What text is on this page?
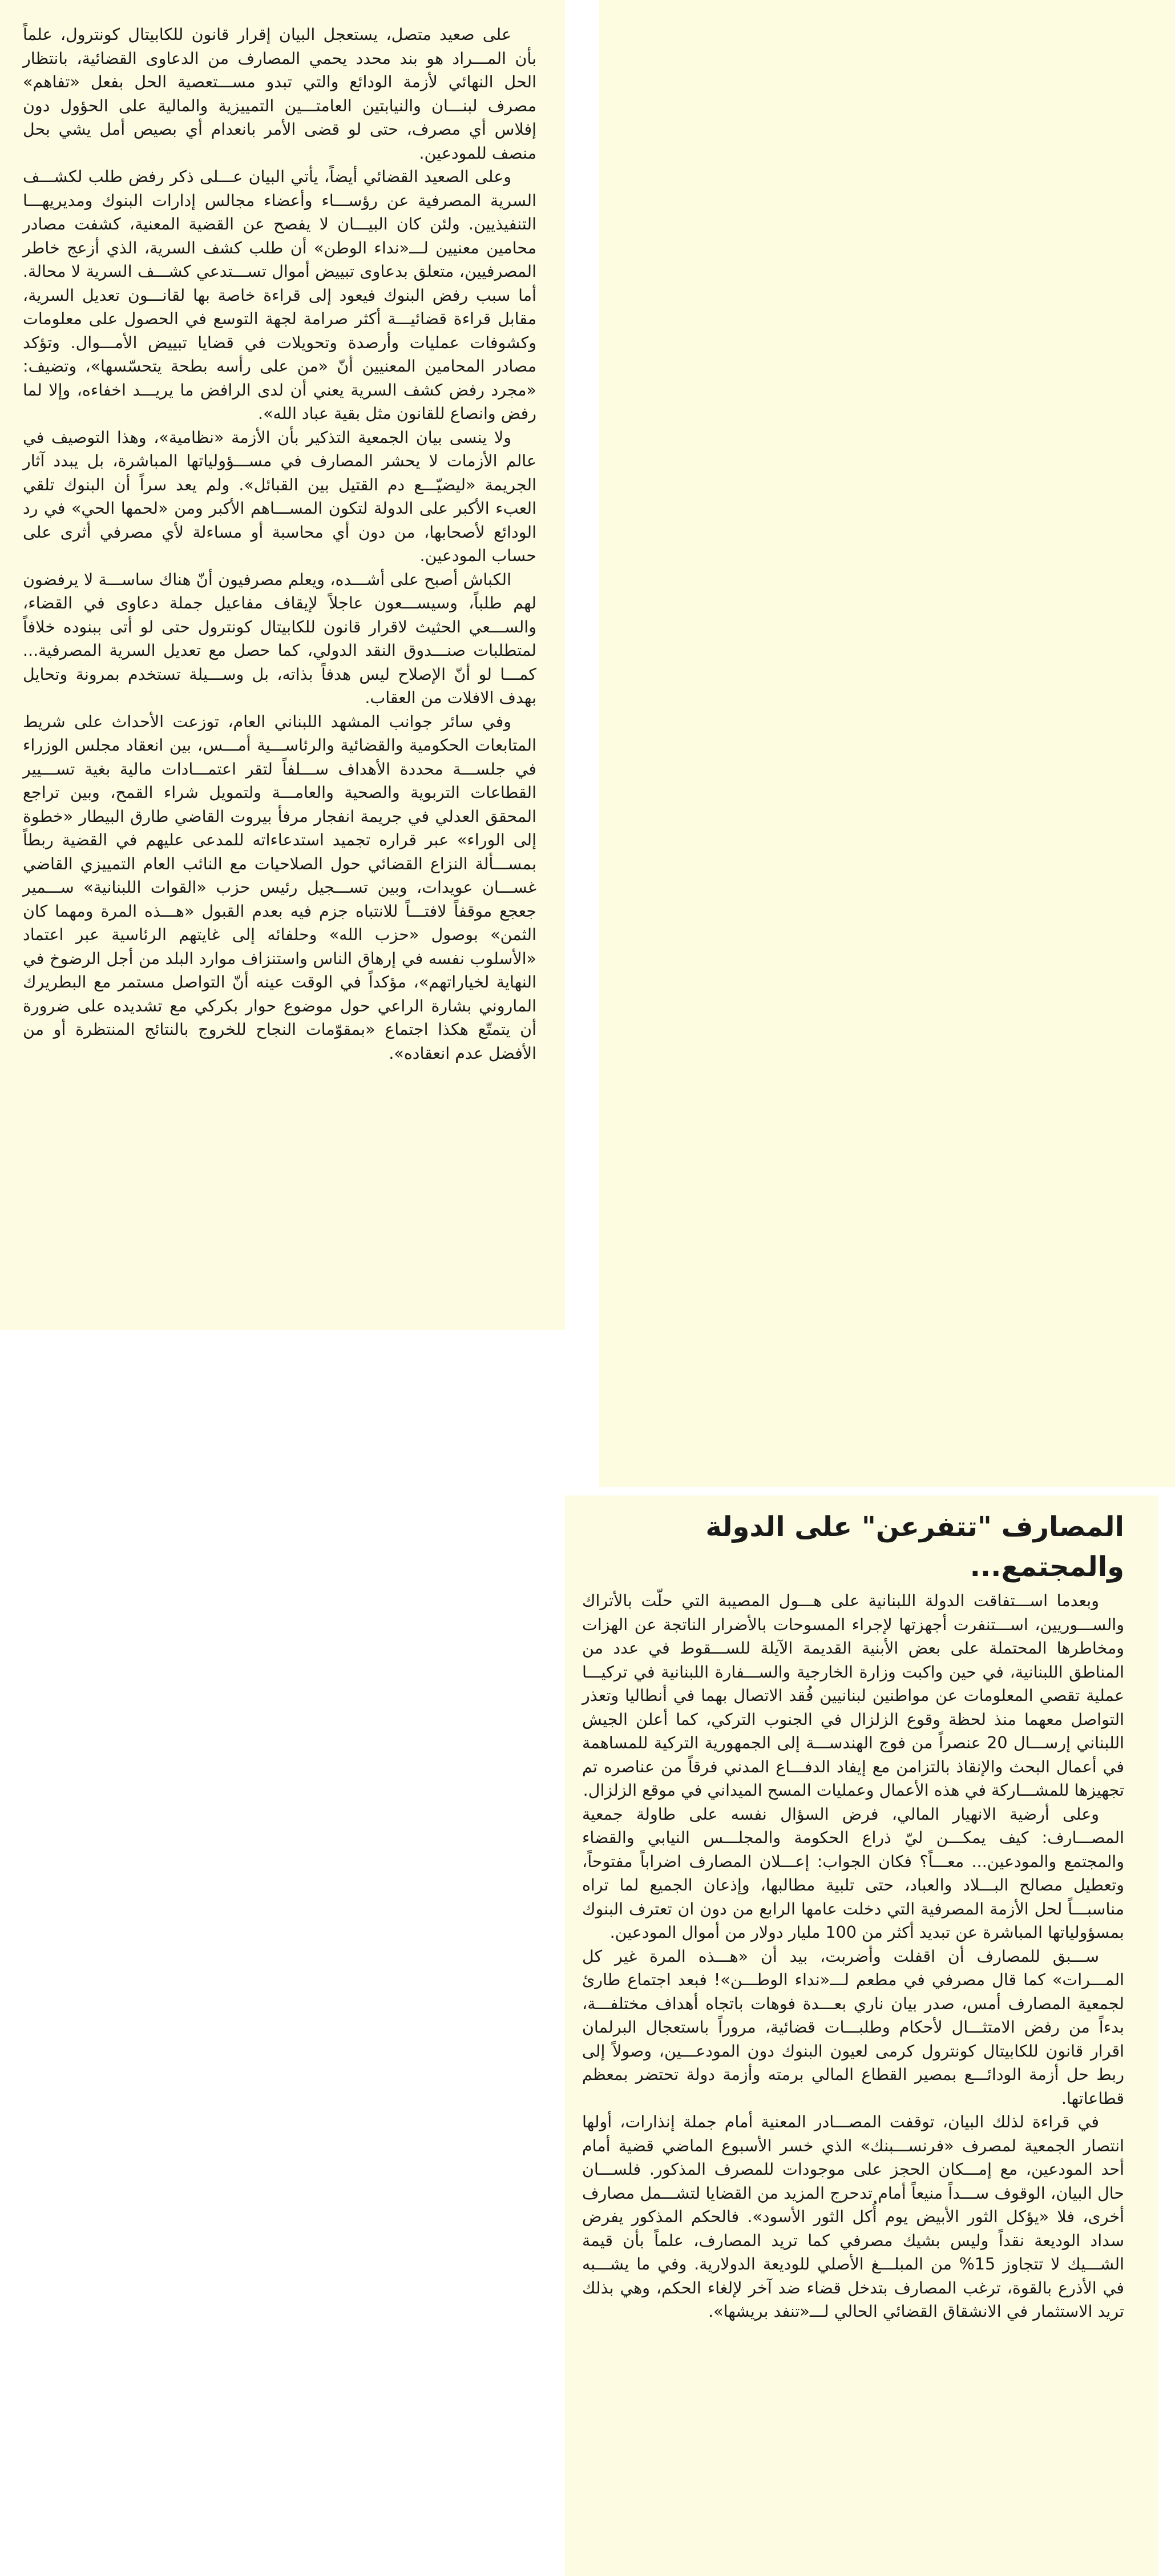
على صعيد متصل، يستعجل البيان إقرار قانون للكابيتال كونترول، علماً بأن المـــراد هو بند محدد يحمي المصارف من الدعاوى القضائية، بانتظار الحل النهائي لأزمة الودائع والتي تبدو مســـتعصية الحل بفعل «تفاهم» مصرف لبنـــان والنيابتين العامتـــين التمييزية والمالية على الحؤول دون إفلاس أي مصرف، حتى لو قضى الأمر بانعدام أي بصيص أمل يشي بحل منصف للمودعين.

وعلى الصعيد القضائي أيضاً، يأتي البيان عـــلى ذكر رفض طلب لكشـــف السرية المصرفية عن رؤســـاء وأعضاء مجالس إدارات البنوك ومديريهـــا التنفيذيين. ولئن كان البيـــان لا يفصح عن القضية المعنية، كشفت مصادر محامين معنيين لـــ«نداء الوطن» أن طلب كشف السرية، الذي أزعج خاطر المصرفيين، متعلق بدعاوى تبييض أموال تســـتدعي كشـــف السرية لا محالة. أما سبب رفض البنوك فيعود إلى قراءة خاصة بها لقانـــون تعديل السرية، مقابل قراءة قضائيـــة أكثر صرامة لجهة التوسع في الحصول على معلومات وكشوفات عمليات وأرصدة وتحويلات في قضايا تبييض الأمـــوال. وتؤكد مصادر المحامين المعنيين أنّ «من على رأسه بطحة يتحسّسها»، وتضيف: «مجرد رفض كشف السرية يعني أن لدى الرافض ما يريـــد اخفاءه، وإلا لما رفض وانصاع للقانون مثل بقية عباد الله».

ولا ينسى بيان الجمعية التذكير بأن الأزمة «نظامية»، وهذا التوصيف في عالم الأزمات لا يحشر المصارف في مســـؤولياتها المباشرة، بل يبدد آثار الجريمة «ليضيّـــع دم القتيل بين القبائل». ولم يعد سراً أن البنوك تلقي العبء الأكبر على الدولة لتكون المســـاهم الأكبر ومن «لحمها الحي» في رد الودائع لأصحابها، من دون أي محاسبة أو مساءلة لأي مصرفي أثرى على حساب المودعين.

الكباش أصبح على أشـــده، ويعلم مصرفيون أنّ هناك ساســـة لا يرفضون لهم طلباً، وسيســـعون عاجلاً لإيقاف مفاعيل جملة دعاوى في القضاء، والســـعي الحثيث لاقرار قانون للكابيتال كونترول حتى لو أتى ببنوده خلافاً لمتطلبات صنـــدوق النقد الدولي، كما حصل مع تعديل السرية المصرفية... كمـــا لو أنّ الإصلاح ليس هدفاً بذاته، بل وســـيلة تستخدم بمرونة وتحايل بهدف الافلات من العقاب.

وفي سائر جوانب المشهد اللبناني العام، توزعت الأحداث على شريط المتابعات الحكومية والقضائية والرئاســـية أمـــس، بين انعقاد مجلس الوزراء في جلســـة محددة الأهداف ســـلفاً لتقر اعتمـــادات مالية بغية تســـيير القطاعات التربوية والصحية والعامـــة ولتمويل شراء القمح، وبين تراجع المحقق العدلي في جريمة انفجار مرفأ بيروت القاضي طارق البيطار «خطوة إلى الوراء» عبر قراره تجميد استدعاءاته للمدعى عليهم في القضية ربطاً بمســـألة النزاع القضائي حول الصلاحيات مع النائب العام التمييزي القاضي غســـان عويدات، وبين تســـجيل رئيس حزب «القوات اللبنانية» ســـمير جعجع موقفاً لافتـــاً للانتباه جزم فيه بعدم القبول «هـــذه المرة ومهما كان الثمن» بوصول «حزب الله» وحلفائه إلى غايتهم الرئاسية عبر اعتماد «الأسلوب نفسه في إرهاق الناس واستنزاف موارد البلد من أجل الرضوخ في النهاية لخياراتهم»، مؤكداً في الوقت عينه أنّ التواصل مستمر مع البطريرك الماروني بشارة الراعي حول موضوع حوار بكركي مع تشديده على ضرورة أن يتمتّع هكذا اجتماع «بمقوّمات النجاح للخروج بالنتائج المنتظرة أو من الأفضل عدم انعقاده».

المصارف "تتفرعن" على الدولة والمجتمع...

وبعدما اســـتفاقت الدولة اللبنانية على هـــول المصيبة التي حلّت بالأتراك والســـوريين، اســـتنفرت أجهزتها لإجراء المسوحات بالأضرار الناتجة عن الهزات ومخاطرها المحتملة على بعض الأبنية القديمة الآيلة للســـقوط في عدد من المناطق اللبنانية، في حين واكبت وزارة الخارجية والســـفارة اللبنانية في تركيـــا عملية تقصي المعلومات عن مواطنين لبنانيين فُقد الاتصال بهما في أنطاليا وتعذر التواصل معهما منذ لحظة وقوع الزلزال في الجنوب التركي، كما أعلن الجيش اللبناني إرســـال 20 عنصراً من فوج الهندســـة إلى الجمهورية التركية للمساهمة في أعمال البحث والإنقاذ بالتزامن مع إيفاد الدفـــاع المدني فرقاً من عناصره تم تجهيزها للمشـــاركة في هذه الأعمال وعمليات المسح الميداني في موقع الزلزال.

وعلى أرضية الانهيار المالي، فرض السؤال نفسه على طاولة جمعية المصـــارف: كيف يمكـــن ليّ ذراع الحكومة والمجلـــس النيابي والقضاء والمجتمع والمودعين... معـــاً؟ فكان الجواب: إعـــلان المصارف اضراباً مفتوحاً، وتعطيل مصالح البـــلاد والعباد، حتى تلبية مطالبها، وإذعان الجميع لما تراه مناسبـــاً لحل الأزمة المصرفية التي دخلت عامها الرابع من دون ان تعترف البنوك بمسؤولياتها المباشرة عن تبديد أكثر من 100 مليار دولار من أموال المودعين.

ســـبق للمصارف أن اقفلت وأضربت، بيد أن «هـــذه المرة غير كل المـــرات» كما قال مصرفي في مطعم لـــ«نداء الوطـــن»! فبعد اجتماع طارئ لجمعية المصارف أمس، صدر بيان ناري بعـــدة فوهات باتجاه أهداف مختلفـــة، بدءاً من رفض الامتثـــال لأحكام وطلبـــات قضائية، مروراً باستعجال البرلمان اقرار قانون للكابيتال كونترول كرمى لعيون البنوك دون المودعـــين، وصولاً إلى ربط حل أزمة الودائـــع بمصير القطاع المالي برمته وأزمة دولة تحتضر بمعظم قطاعاتها.

في قراءة لذلك البيان، توقفت المصـــادر المعنية أمام جملة إنذارات، أولها انتصار الجمعية لمصرف «فرنســـبنك» الذي خسر الأسبوع الماضي قضية أمام أحد المودعين، مع إمـــكان الحجز على موجودات للمصرف المذكور. فلســـان حال البيان، الوقوف ســـداً منيعاً أمام تدحرج المزيد من القضايا لتشـــمل مصارف أخرى، فلا «يؤكل الثور الأبيض يوم أُكل الثور الأسود». فالحكم المذكور يفرض سداد الوديعة نقداً وليس بشيك مصرفي كما تريد المصارف، علماً بأن قيمة الشـــيك لا تتجاوز 15% من المبلـــغ الأصلي للوديعة الدولارية. وفي ما يشـــبه في الأذرع بالقوة، ترغب المصارف بتدخل قضاء ضد آخر لإلغاء الحكم، وهي بذلك تريد الاستثمار في الانشقاق القضائي الحالي لـــ«تنفد بريشها».
